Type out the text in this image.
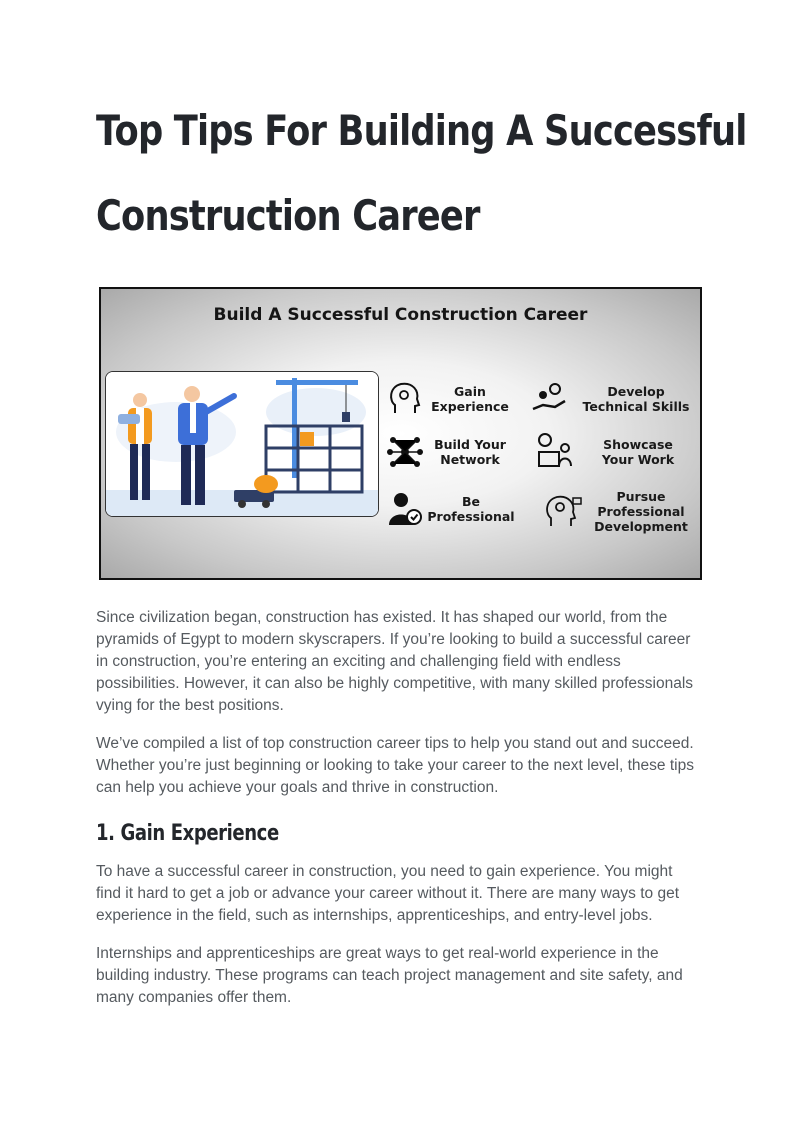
Top Tips For Building A Successful
Construction Career
Build A Successful Construction Career
Gain
Experience
Develop
Technical Skills
Build Your
Network
Showcase
Your Work
Be
Professional
Pursue
Professional
Development

Since civilization began, construction has existed. It has shaped our world, from the pyramids of Egypt to modern skyscrapers. If you’re looking to build a successful career in construction, you’re entering an exciting and challenging field with endless possibilities. However, it can also be highly competitive, with many skilled professionals vying for the best positions.

We’ve compiled a list of top construction career tips to help you stand out and succeed. Whether you’re just beginning or looking to take your career to the next level, these tips can help you achieve your goals and thrive in construction.

1. Gain Experience

To have a successful career in construction, you need to gain experience. You might find it hard to get a job or advance your career without it. There are many ways to get experience in the field, such as internships, apprenticeships, and entry-level jobs.

Internships and apprenticeships are great ways to get real-world experience in the building industry. These programs can teach project management and site safety, and many companies offer them.
